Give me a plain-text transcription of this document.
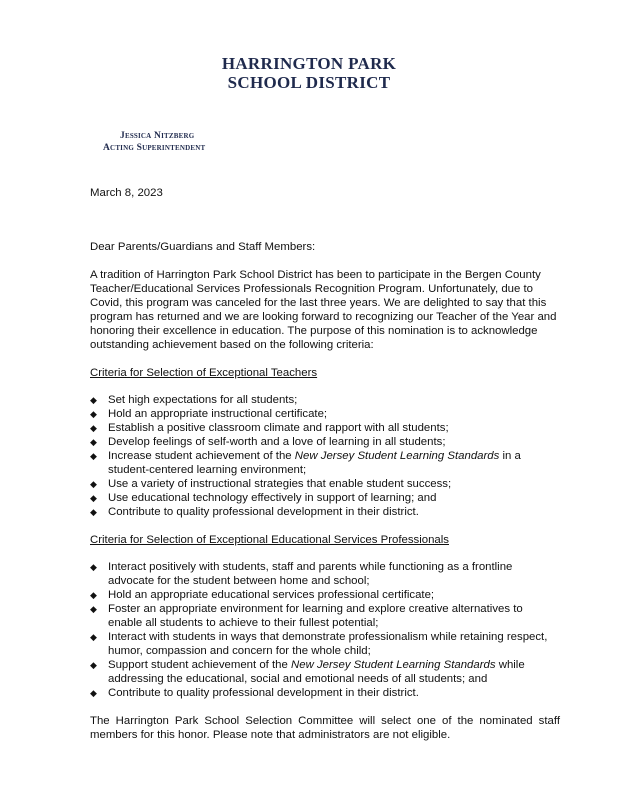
HARRINGTON PARK
SCHOOL DISTRICT
Jessica Nitzberg
Acting Superintendent

March 8, 2023

Dear Parents/Guardians and Staff Members:

A tradition of Harrington Park School District has been to participate in the Bergen County Teacher/Educational Services Professionals Recognition Program. Unfortunately, due to Covid, this program was canceled for the last three years. We are delighted to say that this program has returned and we are looking forward to recognizing our Teacher of the Year and honoring their excellence in education. The purpose of this nomination is to acknowledge outstanding achievement based on the following criteria:

Criteria for Selection of Exceptional Teachers

◆ Set high expectations for all students;
◆ Hold an appropriate instructional certificate;
◆ Establish a positive classroom climate and rapport with all students;
◆ Develop feelings of self-worth and a love of learning in all students;
◆ Increase student achievement of the New Jersey Student Learning Standards in a student-centered learning environment;
◆ Use a variety of instructional strategies that enable student success;
◆ Use educational technology effectively in support of learning; and
◆ Contribute to quality professional development in their district.

Criteria for Selection of Exceptional Educational Services Professionals

◆ Interact positively with students, staff and parents while functioning as a frontline advocate for the student between home and school;
◆ Hold an appropriate educational services professional certificate;
◆ Foster an appropriate environment for learning and explore creative alternatives to enable all students to achieve to their fullest potential;
◆ Interact with students in ways that demonstrate professionalism while retaining respect, humor, compassion and concern for the whole child;
◆ Support student achievement of the New Jersey Student Learning Standards while addressing the educational, social and emotional needs of all students; and
◆ Contribute to quality professional development in their district.

The Harrington Park School Selection Committee will select one of the nominated staff members for this honor. Please note that administrators are not eligible.
